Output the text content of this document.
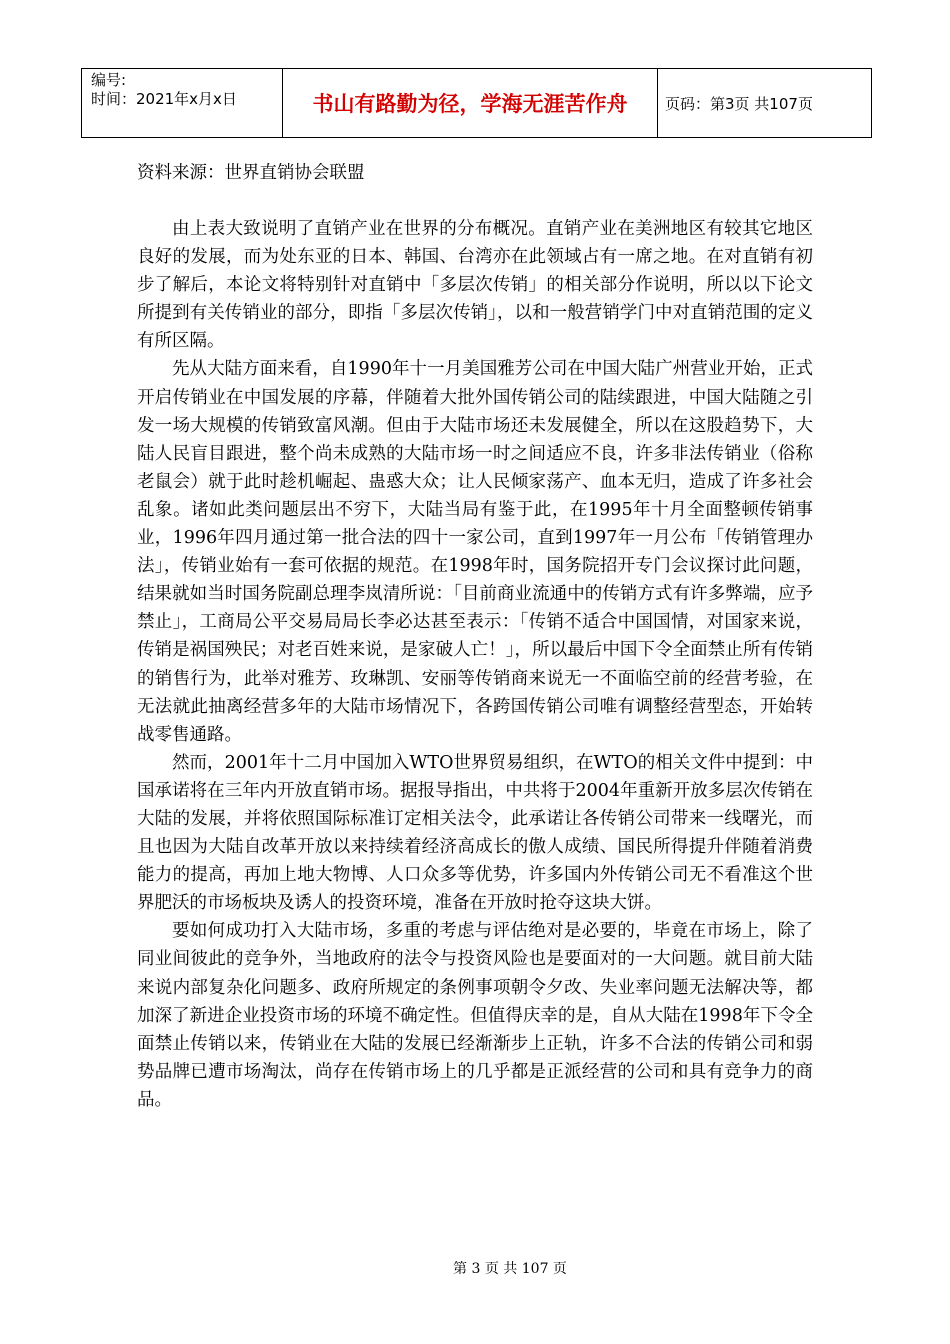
编号:
时间：2021年x月x日	书山有路勤为径，学海无涯苦作舟	页码：第3页 共107页
资料来源：世界直销协会联盟

由上表大致说明了直销产业在世界的分布概况。直销产业在美洲地区有较其它地区良好的发展，而为处东亚的日本、韩国、台湾亦在此领域占有一席之地。在对直销有初步了解后，本论文将特别针对直销中「多层次传销」的相关部分作说明，所以以下论文所提到有关传销业的部分，即指「多层次传销」，以和一般营销学门中对直销范围的定义有所区隔。

先从大陆方面来看，自1990年十一月美国雅芳公司在中国大陆广州营业开始，正式开启传销业在中国发展的序幕，伴随着大批外国传销公司的陆续跟进，中国大陆随之引发一场大规模的传销致富风潮。但由于大陆市场还未发展健全，所以在这股趋势下，大陆人民盲目跟进，整个尚未成熟的大陆市场一时之间适应不良，许多非法传销业（俗称老鼠会）就于此时趁机崛起、蛊惑大众；让人民倾家荡产、血本无归，造成了许多社会乱象。诸如此类问题层出不穷下，大陆当局有鉴于此，在1995年十月全面整顿传销事业，1996年四月通过第一批合法的四十一家公司，直到1997年一月公布「传销管理办法」，传销业始有一套可依据的规范。在1998年时，国务院招开专门会议探讨此问题，结果就如当时国务院副总理李岚清所说：「目前商业流通中的传销方式有许多弊端，应予禁止」，工商局公平交易局局长李必达甚至表示：「传销不适合中国国情，对国家来说，传销是祸国殃民；对老百姓来说，是家破人亡！」，所以最后中国下令全面禁止所有传销的销售行为，此举对雅芳、玫琳凯、安丽等传销商来说无一不面临空前的经营考验，在无法就此抽离经营多年的大陆市场情况下，各跨国传销公司唯有调整经营型态，开始转战零售通路。

然而，2001年十二月中国加入WTO世界贸易组织，在WTO的相关文件中提到：中国承诺将在三年内开放直销市场。据报导指出，中共将于2004年重新开放多层次传销在大陆的发展，并将依照国际标准订定相关法令，此承诺让各传销公司带来一线曙光，而且也因为大陆自改革开放以来持续着经济高成长的傲人成绩、国民所得提升伴随着消费能力的提高，再加上地大物博、人口众多等优势，许多国内外传销公司无不看准这个世界肥沃的市场板块及诱人的投资环境，准备在开放时抢夺这块大饼。

要如何成功打入大陆市场，多重的考虑与评估绝对是必要的，毕竟在市场上，除了同业间彼此的竞争外，当地政府的法令与投资风险也是要面对的一大问题。就目前大陆来说内部复杂化问题多、政府所规定的条例事项朝令夕改、失业率问题无法解决等，都加深了新进企业投资市场的环境不确定性。但值得庆幸的是，自从大陆在1998年下令全面禁止传销以来，传销业在大陆的发展已经渐渐步上正轨，许多不合法的传销公司和弱势品牌已遭市场淘汰，尚存在传销市场上的几乎都是正派经营的公司和具有竞争力的商品。

第 3 页 共 107 页
